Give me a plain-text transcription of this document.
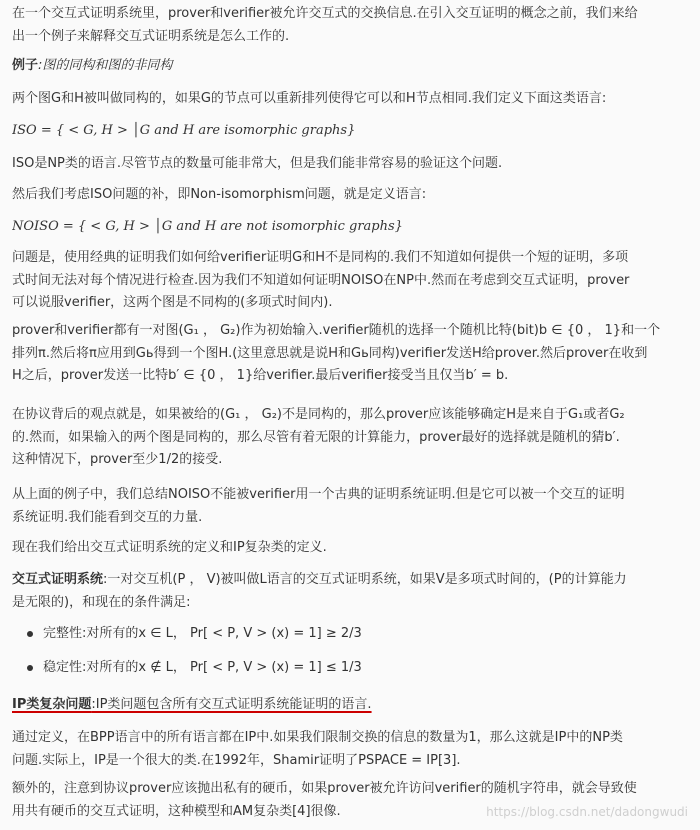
在一个交互式证明系统里，prover和verifier被允许交互式的交换信息.在引入交互证明的概念之前，我们来给
出一个例子来解释交互式证明系统是怎么工作的.
例子:图的同构和图的非同构
两个图G和H被叫做同构的，如果G的节点可以重新排列使得它可以和H节点相同.我们定义下面这类语言:
ISO = { < G, H > │G and H are isomorphic graphs}
ISO是NP类的语言.尽管节点的数量可能非常大，但是我们能非常容易的验证这个问题.
然后我们考虑ISO问题的补，即Non-isomorphism问题，就是定义语言:
NOISO = { < G, H > │G and H are not isomorphic graphs}
问题是，使用经典的证明我们如何给verifier证明G和H不是同构的.我们不知道如何提供一个短的证明，多项
式时间无法对每个情况进行检查.因为我们不知道如何证明NOISO在NP中.然而在考虑到交互式证明，prover
可以说服verifier，这两个图是不同构的(多项式时间内).
prover和verifier都有一对图(G₁ ， G₂)作为初始输入.verifier随机的选择一个随机比特(bit)b ∈ {0 ， 1}和一个
排列π.然后将π应用到Gь得到一个图H.(这里意思就是说H和Gь同构)verifier发送H给prover.然后prover在收到
H之后，prover发送一比特b′ ∈ {0 ， 1}给verifier.最后verifier接受当且仅当b′ = b.
在协议背后的观点就是，如果被给的(G₁ ， G₂)不是同构的，那么prover应该能够确定H是来自于G₁或者G₂
的.然而，如果输入的两个图是同构的，那么尽管有着无限的计算能力，prover最好的选择就是随机的猜b′.
这种情况下，prover至少1/2的接受.
从上面的例子中，我们总结NOISO不能被verifier用一个古典的证明系统证明.但是它可以被一个交互的证明
系统证明.我们能看到交互的力量.
现在我们给出交互式证明系统的定义和IP复杂类的定义.
交互式证明系统:一对交互机(P ， V)被叫做L语言的交互式证明系统，如果V是多项式时间的，(P的计算能力
是无限的)，和现在的条件满足:
完整性:对所有的x ∈ L， Pr[ < P, V > (x) = 1] ≥ 2/3
稳定性:对所有的x ∉ L， Pr[ < P, V > (x) = 1] ≤ 1/3
IP类复杂问题:IP类问题包含所有交互式证明系统能证明的语言.
通过定义，在BPP语言中的所有语言都在IP中.如果我们限制交换的信息的数量为1，那么这就是IP中的NP类
问题.实际上，IP是一个很大的类.在1992年，Shamir证明了PSPACE = IP[3].
额外的，注意到协议prover应该抛出私有的硬币，如果prover被允许访问verifier的随机字符串，就会导致使
用共有硬币的交互式证明，这种模型和AM复杂类[4]很像.	https://blog.csdn.net/dadongwudi
